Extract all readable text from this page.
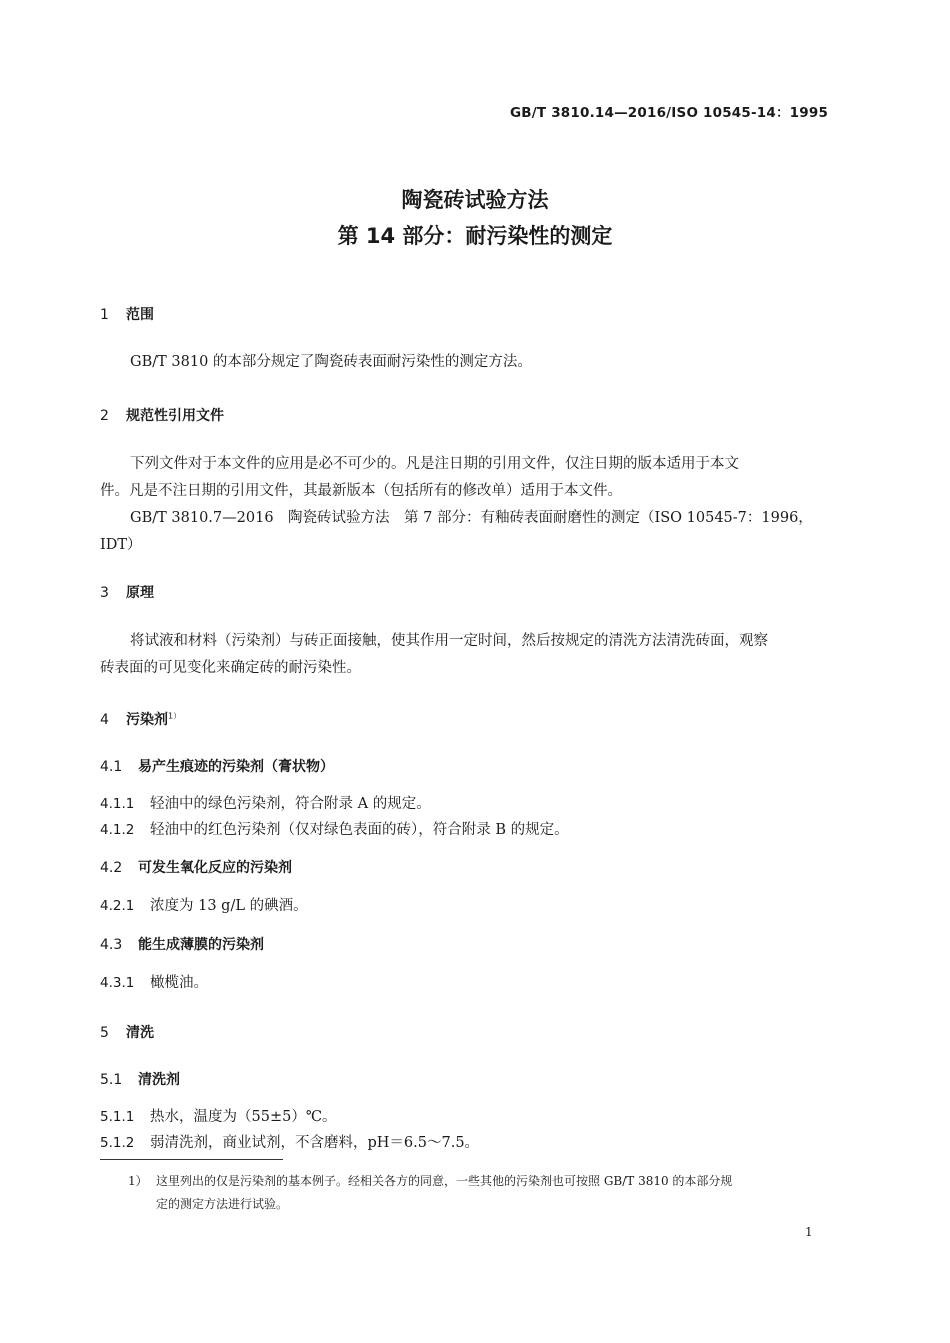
GB/T 3810.14—2016/ISO 10545-14：1995
陶瓷砖试验方法
第 14 部分：耐污染性的测定
1 范围
GB/T 3810 的本部分规定了陶瓷砖表面耐污染性的测定方法。
2 规范性引用文件
下列文件对于本文件的应用是必不可少的。凡是注日期的引用文件，仅注日期的版本适用于本文
件。凡是不注日期的引用文件，其最新版本（包括所有的修改单）适用于本文件。
GB/T 3810.7—2016　陶瓷砖试验方法　第 7 部分：有釉砖表面耐磨性的测定（ISO 10545-7：1996，
IDT）
3 原理
将试液和材料（污染剂）与砖正面接触，使其作用一定时间，然后按规定的清洗方法清洗砖面，观察
砖表面的可见变化来确定砖的耐污染性。
4 污染剂$^{1)}$
4.1 易产生痕迹的污染剂（膏状物）
4.1.1 轻油中的绿色污染剂，符合附录 A 的规定。
4.1.2 轻油中的红色污染剂（仅对绿色表面的砖），符合附录 B 的规定。
4.2 可发生氧化反应的污染剂
4.2.1 浓度为 13 g/L 的碘酒。
4.3 能生成薄膜的污染剂
4.3.1 橄榄油。
5 清洗
5.1 清洗剂
5.1.1 热水，温度为（55±5）℃。
5.1.2 弱清洗剂，商业试剂，不含磨料，pH＝6.5～7.5。
1） 这里列出的仅是污染剂的基本例子。经相关各方的同意，一些其他的污染剂也可按照 GB/T 3810 的本部分规
定的测定方法进行试验。
1
